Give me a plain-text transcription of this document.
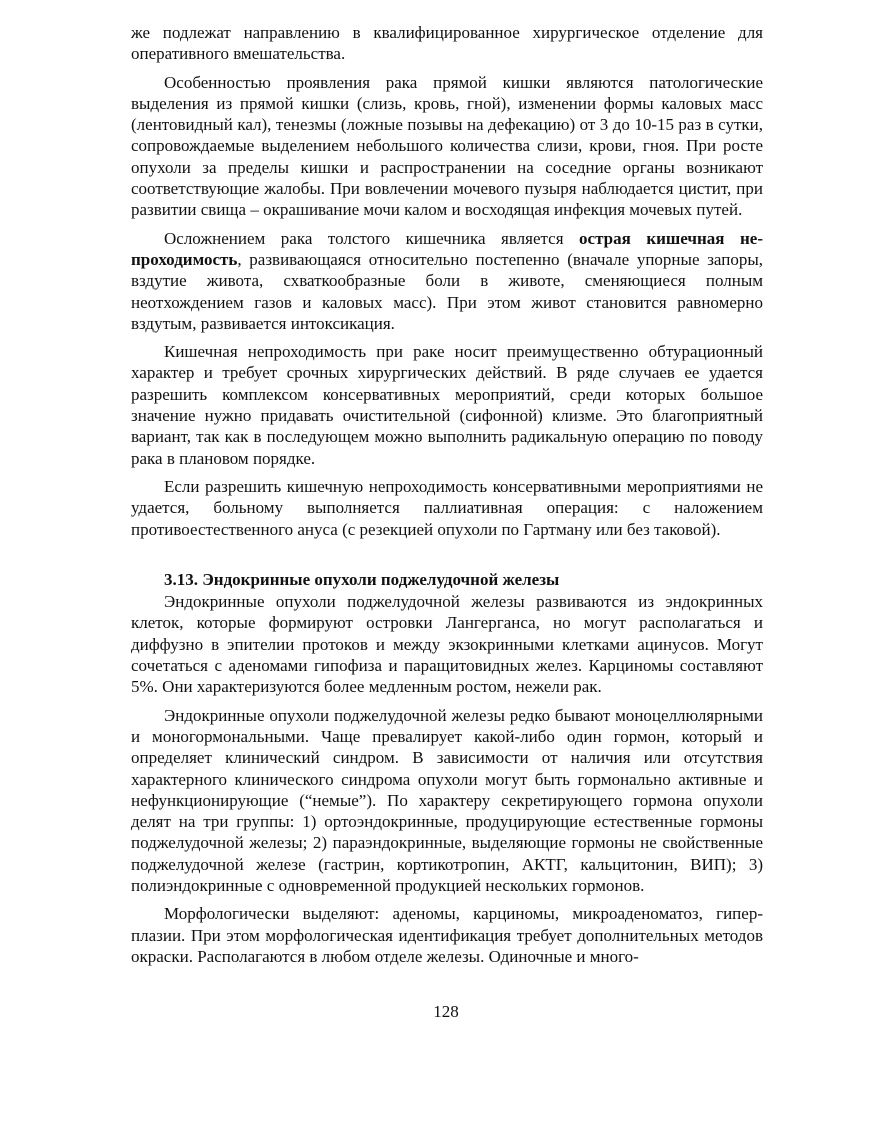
же подлежат направлению в квалифицированное хирургическое отделение для оперативного вмешательства.

Особенностью проявления рака прямой кишки являются патологические выделения из прямой кишки (слизь, кровь, гной), изменении формы каловых масс (лентовидный кал), тенезмы (ложные позывы на дефекацию) от 3 до 10-15 раз в сутки, сопровождаемые выделением небольшого количества слизи, крови, гноя. При росте опухоли за пределы кишки и распространении на соседние органы возникают соответствующие жалобы. При вовлечении мочевого пузыря наблюдается цистит, при развитии свища – окрашивание мочи калом и восходящая инфекция мочевых путей.

Осложнением рака толстого кишечника является острая кишечная непроходимость, развивающаяся относительно постепенно (вначале упорные запоры, вздутие живота, схваткообразные боли в животе, сменяющиеся полным неотхождением газов и каловых масс). При этом живот становится равномерно вздутым, развивается интоксикация.

Кишечная непроходимость при раке носит преимущественно обтурационный характер и требует срочных хирургических действий. В ряде случаев ее удается разрешить комплексом консервативных мероприятий, среди которых большое значение нужно придавать очистительной (сифонной) клизме. Это благоприятный вариант, так как в последующем можно выполнить радикальную операцию по поводу рака в плановом порядке.

Если разрешить кишечную непроходимость консервативными мероприятиями не удается, больному выполняется паллиативная операция: с наложением противоестественного ануса (с резекцией опухоли по Гартману или без таковой).

3.13. Эндокринные опухоли поджелудочной железы

Эндокринные опухоли поджелудочной железы развиваются из эндокринных клеток, которые формируют островки Лангерганса, но могут располагаться и диффузно в эпителии протоков и между экзокринными клетками ацинусов. Могут сочетаться с аденомами гипофиза и паращитовидных желез. Карциномы составляют 5%. Они характеризуются более медленным ростом, нежели рак.

Эндокринные опухоли поджелудочной железы редко бывают моноцеллюлярными и моногормональными. Чаще превалирует какой-либо один гормон, который и определяет клинический синдром. В зависимости от наличия или отсутствия характерного клинического синдрома опухоли могут быть гормонально активные и нефункционирующие (“немые”). По характеру секретирующего гормона опухоли делят на три группы: 1) ортоэндокринные, продуцирующие естественные гормоны поджелудочной железы; 2) параэндокринные, выделяющие гормоны не свойственные поджелудочной железе (гастрин, кортикотропин, АКТГ, кальцитонин, ВИП); 3) полиэндокринные с одновременной продукцией нескольких гормонов.

Морфологически выделяют: аденомы, карциномы, микроаденоматоз, гиперплазии. При этом морфологическая идентификация требует дополнительных методов окраски. Располагаются в любом отделе железы. Одиночные и много-

128
